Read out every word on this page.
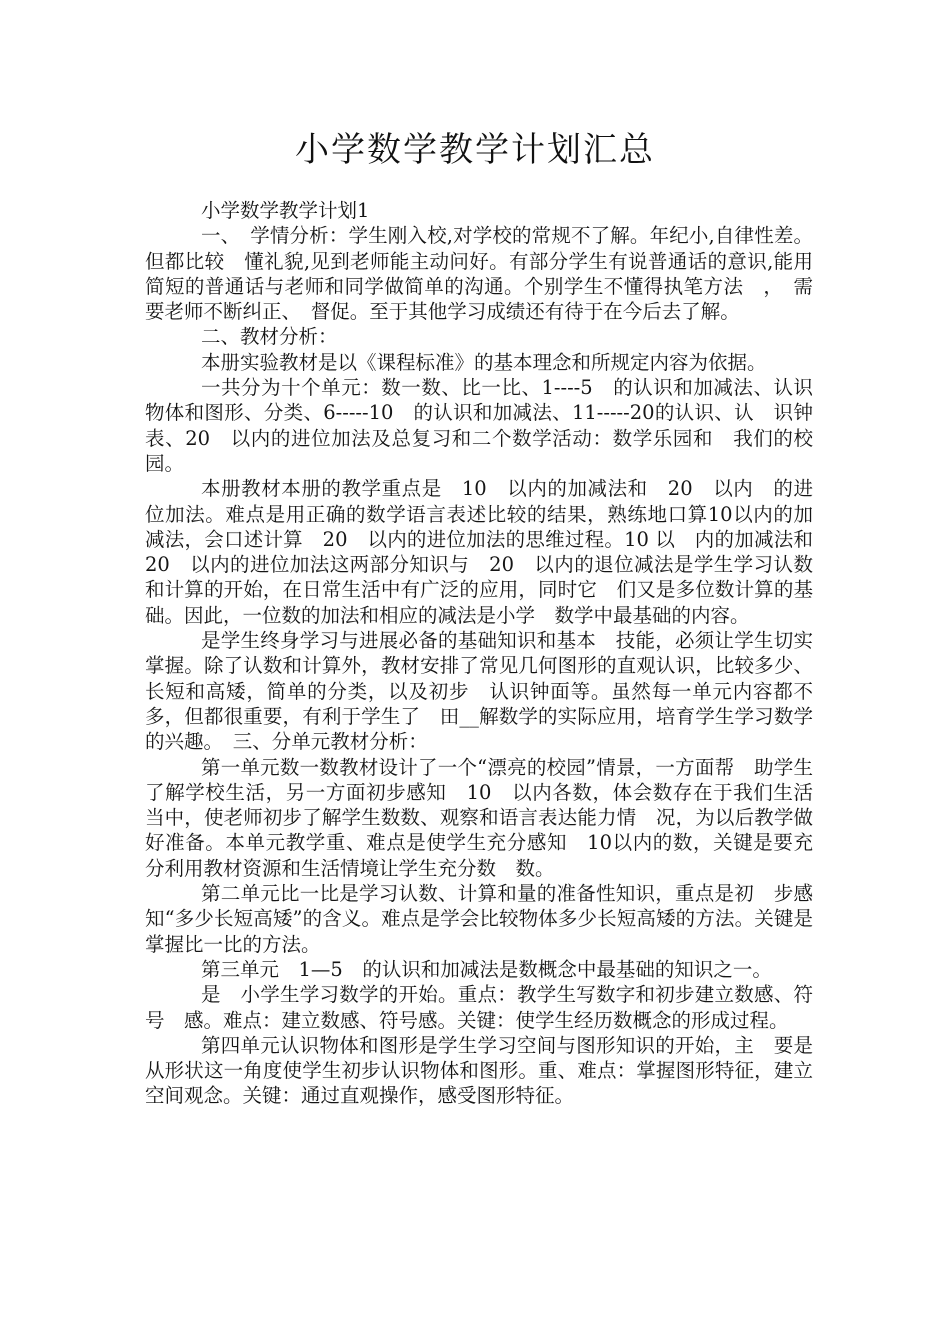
小学数学教学计划汇总

小学数学教学计划1

一、　学情分析：学生刚入校,对学校的常规不了解。年纪小,自律性差。但都比较　懂礼貌,见到老师能主动问好。有部分学生有说普通话的意识,能用简短的普通话与老师和同学做简单的沟通。个别学生不懂得执笔方法　，　需要老师不断纠正、　督促。至于其他学习成绩还有待于在今后去了解。

二、教材分析：

本册实验教材是以《课程标准》的基本理念和所规定内容为依据。

一共分为十个单元：数一数、比一比、1----5　的认识和加减法、认识　物体和图形、分类、6-----10　的认识和加减法、11-----20的认识、认　识钟表、20　以内的进位加法及总复习和二个数学活动：数学乐园和　我们的校园。

本册教材本册的教学重点是　10　以内的加减法和　20　以内　的进位加法。难点是用正确的数学语言表述比较的结果，熟练地口算10以内的加减法，会口述计算　20　以内的进位加法的思维过程。10 以　内的加减法和　20　以内的进位加法这两部分知识与　20　以内的退位减法是学生学习认数和计算的开始，在日常生活中有广泛的应用，同时它　们又是多位数计算的基础。因此，一位数的加法和相应的减法是小学　数学中最基础的内容。

是学生终身学习与进展必备的基础知识和基本　技能，必须让学生切实掌握。除了认数和计算外，教材安排了常见几何图形的直观认识，比较多少、长短和高矮，简单的分类，以及初步　认识钟面等。虽然每一单元内容都不多，但都很重要，有利于学生了　田__解数学的实际应用，培育学生学习数学的兴趣。　三、分单元教材分析：

第一单元数一数教材设计了一个“漂亮的校园”情景，一方面帮　助学生了解学校生活，另一方面初步感知　10　以内各数，体会数存在于我们生活当中，使老师初步了解学生数数、观察和语言表达能力情　况，为以后教学做好准备。本单元教学重、难点是使学生充分感知　10以内的数，关键是要充分利用教材资源和生活情境让学生充分数　数。

第二单元比一比是学习认数、计算和量的准备性知识，重点是初　步感知“多少长短高矮”的含义。难点是学会比较物体多少长短高矮的方法。关键是掌握比一比的方法。

第三单元　1—5　的认识和加减法是数概念中最基础的知识之一。

是　小学生学习数学的开始。重点：教学生写数字和初步建立数感、符号　感。难点：建立数感、符号感。关键：使学生经历数概念的形成过程。

第四单元认识物体和图形是学生学习空间与图形知识的开始，主　要是从形状这一角度使学生初步认识物体和图形。重、难点：掌握图形特征，建立空间观念。关键：通过直观操作，感受图形特征。
